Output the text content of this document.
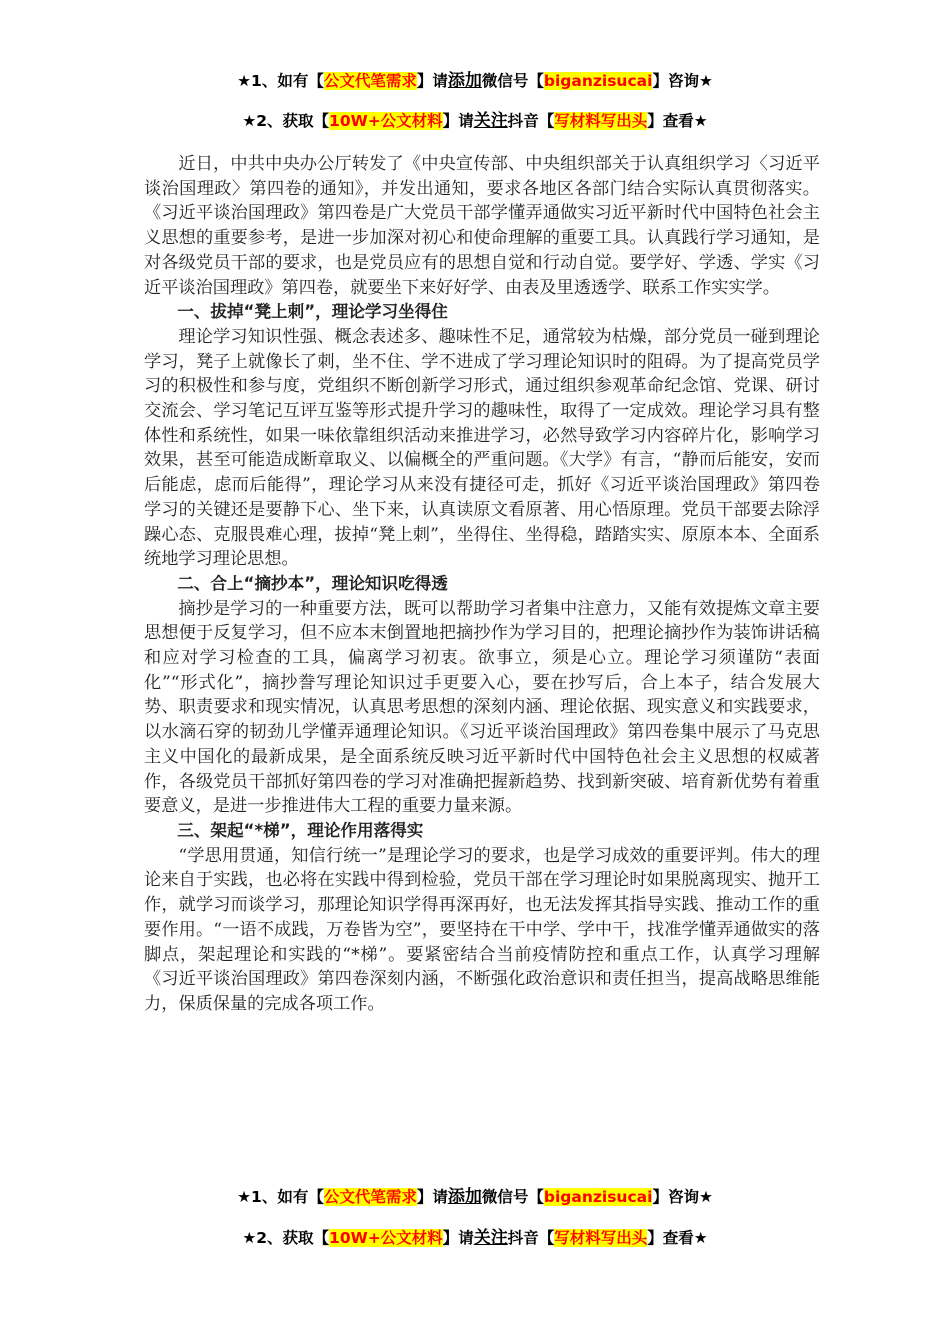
★1、如有【公文代笔需求】请添加微信号【biganzisucai】咨询★
★2、获取【10W+公文材料】请关注抖音【写材料写出头】查看★

近日，中共中央办公厅转发了《中央宣传部、中央组织部关于认真组织学习〈习近平谈治国理政〉第四卷的通知》，并发出通知，要求各地区各部门结合实际认真贯彻落实。《习近平谈治国理政》第四卷是广大党员干部学懂弄通做实习近平新时代中国特色社会主义思想的重要参考，是进一步加深对初心和使命理解的重要工具。认真践行学习通知，是对各级党员干部的要求，也是党员应有的思想自觉和行动自觉。要学好、学透、学实《习近平谈治国理政》第四卷，就要坐下来好好学、由表及里透透学、联系工作实实学。

一、拔掉“凳上刺”，理论学习坐得住

理论学习知识性强、概念表述多、趣味性不足，通常较为枯燥，部分党员一碰到理论学习，凳子上就像长了刺，坐不住、学不进成了学习理论知识时的阻碍。为了提高党员学习的积极性和参与度，党组织不断创新学习形式，通过组织参观革命纪念馆、党课、研讨交流会、学习笔记互评互鉴等形式提升学习的趣味性，取得了一定成效。理论学习具有整体性和系统性，如果一味依靠组织活动来推进学习，必然导致学习内容碎片化，影响学习效果，甚至可能造成断章取义、以偏概全的严重问题。《大学》有言，“静而后能安，安而后能虑，虑而后能得”，理论学习从来没有捷径可走，抓好《习近平谈治国理政》第四卷学习的关键还是要静下心、坐下来，认真读原文看原著、用心悟原理。党员干部要去除浮躁心态、克服畏难心理，拔掉“凳上刺”，坐得住、坐得稳，踏踏实实、原原本本、全面系统地学习理论思想。

二、合上“摘抄本”，理论知识吃得透

摘抄是学习的一种重要方法，既可以帮助学习者集中注意力，又能有效提炼文章主要思想便于反复学习，但不应本末倒置地把摘抄作为学习目的，把理论摘抄作为装饰讲话稿和应对学习检查的工具，偏离学习初衷。欲事立，须是心立。理论学习须谨防“表面化”“形式化”，摘抄誊写理论知识过手更要入心，要在抄写后，合上本子，结合发展大势、职责要求和现实情况，认真思考思想的深刻内涵、理论依据、现实意义和实践要求，以水滴石穿的韧劲儿学懂弄通理论知识。《习近平谈治国理政》第四卷集中展示了马克思主义中国化的最新成果，是全面系统反映习近平新时代中国特色社会主义思想的权威著作，各级党员干部抓好第四卷的学习对准确把握新趋势、找到新突破、培育新优势有着重要意义，是进一步推进伟大工程的重要力量来源。

三、架起“*梯”，理论作用落得实

“学思用贯通，知信行统一”是理论学习的要求，也是学习成效的重要评判。伟大的理论来自于实践，也必将在实践中得到检验，党员干部在学习理论时如果脱离现实、抛开工作，就学习而谈学习，那理论知识学得再深再好，也无法发挥其指导实践、推动工作的重要作用。“一语不成践，万卷皆为空”，要坚持在干中学、学中干，找准学懂弄通做实的落脚点，架起理论和实践的“*梯”。要紧密结合当前疫情防控和重点工作，认真学习理解《习近平谈治国理政》第四卷深刻内涵，不断强化政治意识和责任担当，提高战略思维能力，保质保量的完成各项工作。

★1、如有【公文代笔需求】请添加微信号【biganzisucai】咨询★
★2、获取【10W+公文材料】请关注抖音【写材料写出头】查看★
